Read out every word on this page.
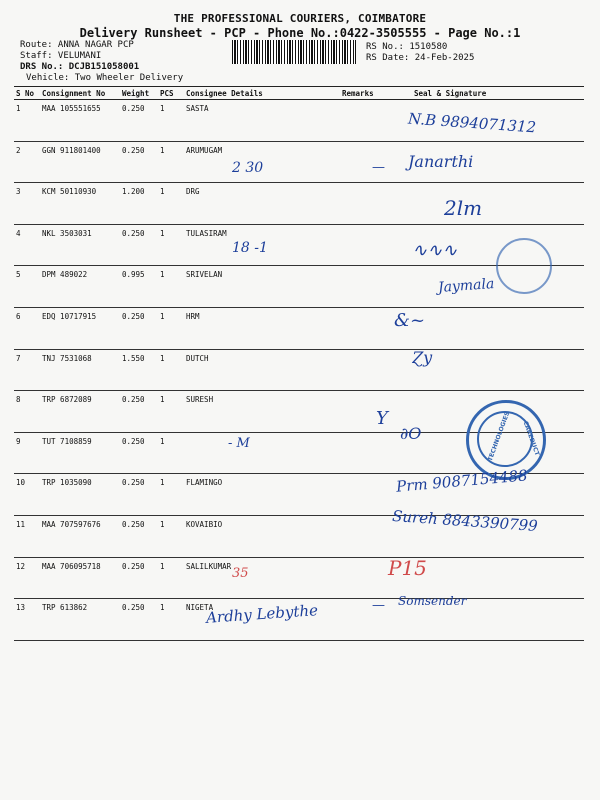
THE PROFESSIONAL COURIERS, COIMBATORE
Delivery Runsheet - PCP - Phone No.:0422-3505555 - Page No.:1
Route: ANNA NAGAR PCP
Staff: VELUMANI
DRS No.: DCJB151058001
Vehicle: Two Wheeler Delivery
RS No.: 1510580
RS Date: 24-Feb-2025
S No	Consignment No	Weight	PCS	Consignee Details	Remarks	Seal & Signature
1	MAA 105551655	0.250	1	SASTA		
2	GGN 911801400	0.250	1	ARUMUGAM		
3	KCM 50110930	1.200	1	DRG		
4	NKL 3503031	0.250	1	TULASIRAM		
5	DPM 489022	0.995	1	SRIVELAN		
6	EDQ 10717915	0.250	1	HRM		
7	TNJ 7531068	1.550	1	DUTCH		
8	TRP 6872089	0.250	1	SURESH		
9	TUT 7108859	0.250	1			
10	TRP 1035090	0.250	1	FLAMINGO		
11	MAA 707597676	0.250	1	KOVAIBIO		
12	MAA 706095718	0.250	1	SALILKUMAR		
13	TRP 613862	0.250	1	NIGETA		
TECHNOLOGIES CAREDUCT
N.B 9894071312
2 30	— Janarthi
2lm
18 -1	∿∿∿
Jaymala
&~
Ɀy
Y
∂O
- M
Prm 9087154488
Sureh 8843390799
35	P15
Ardhy Lebythe	— Somsender
